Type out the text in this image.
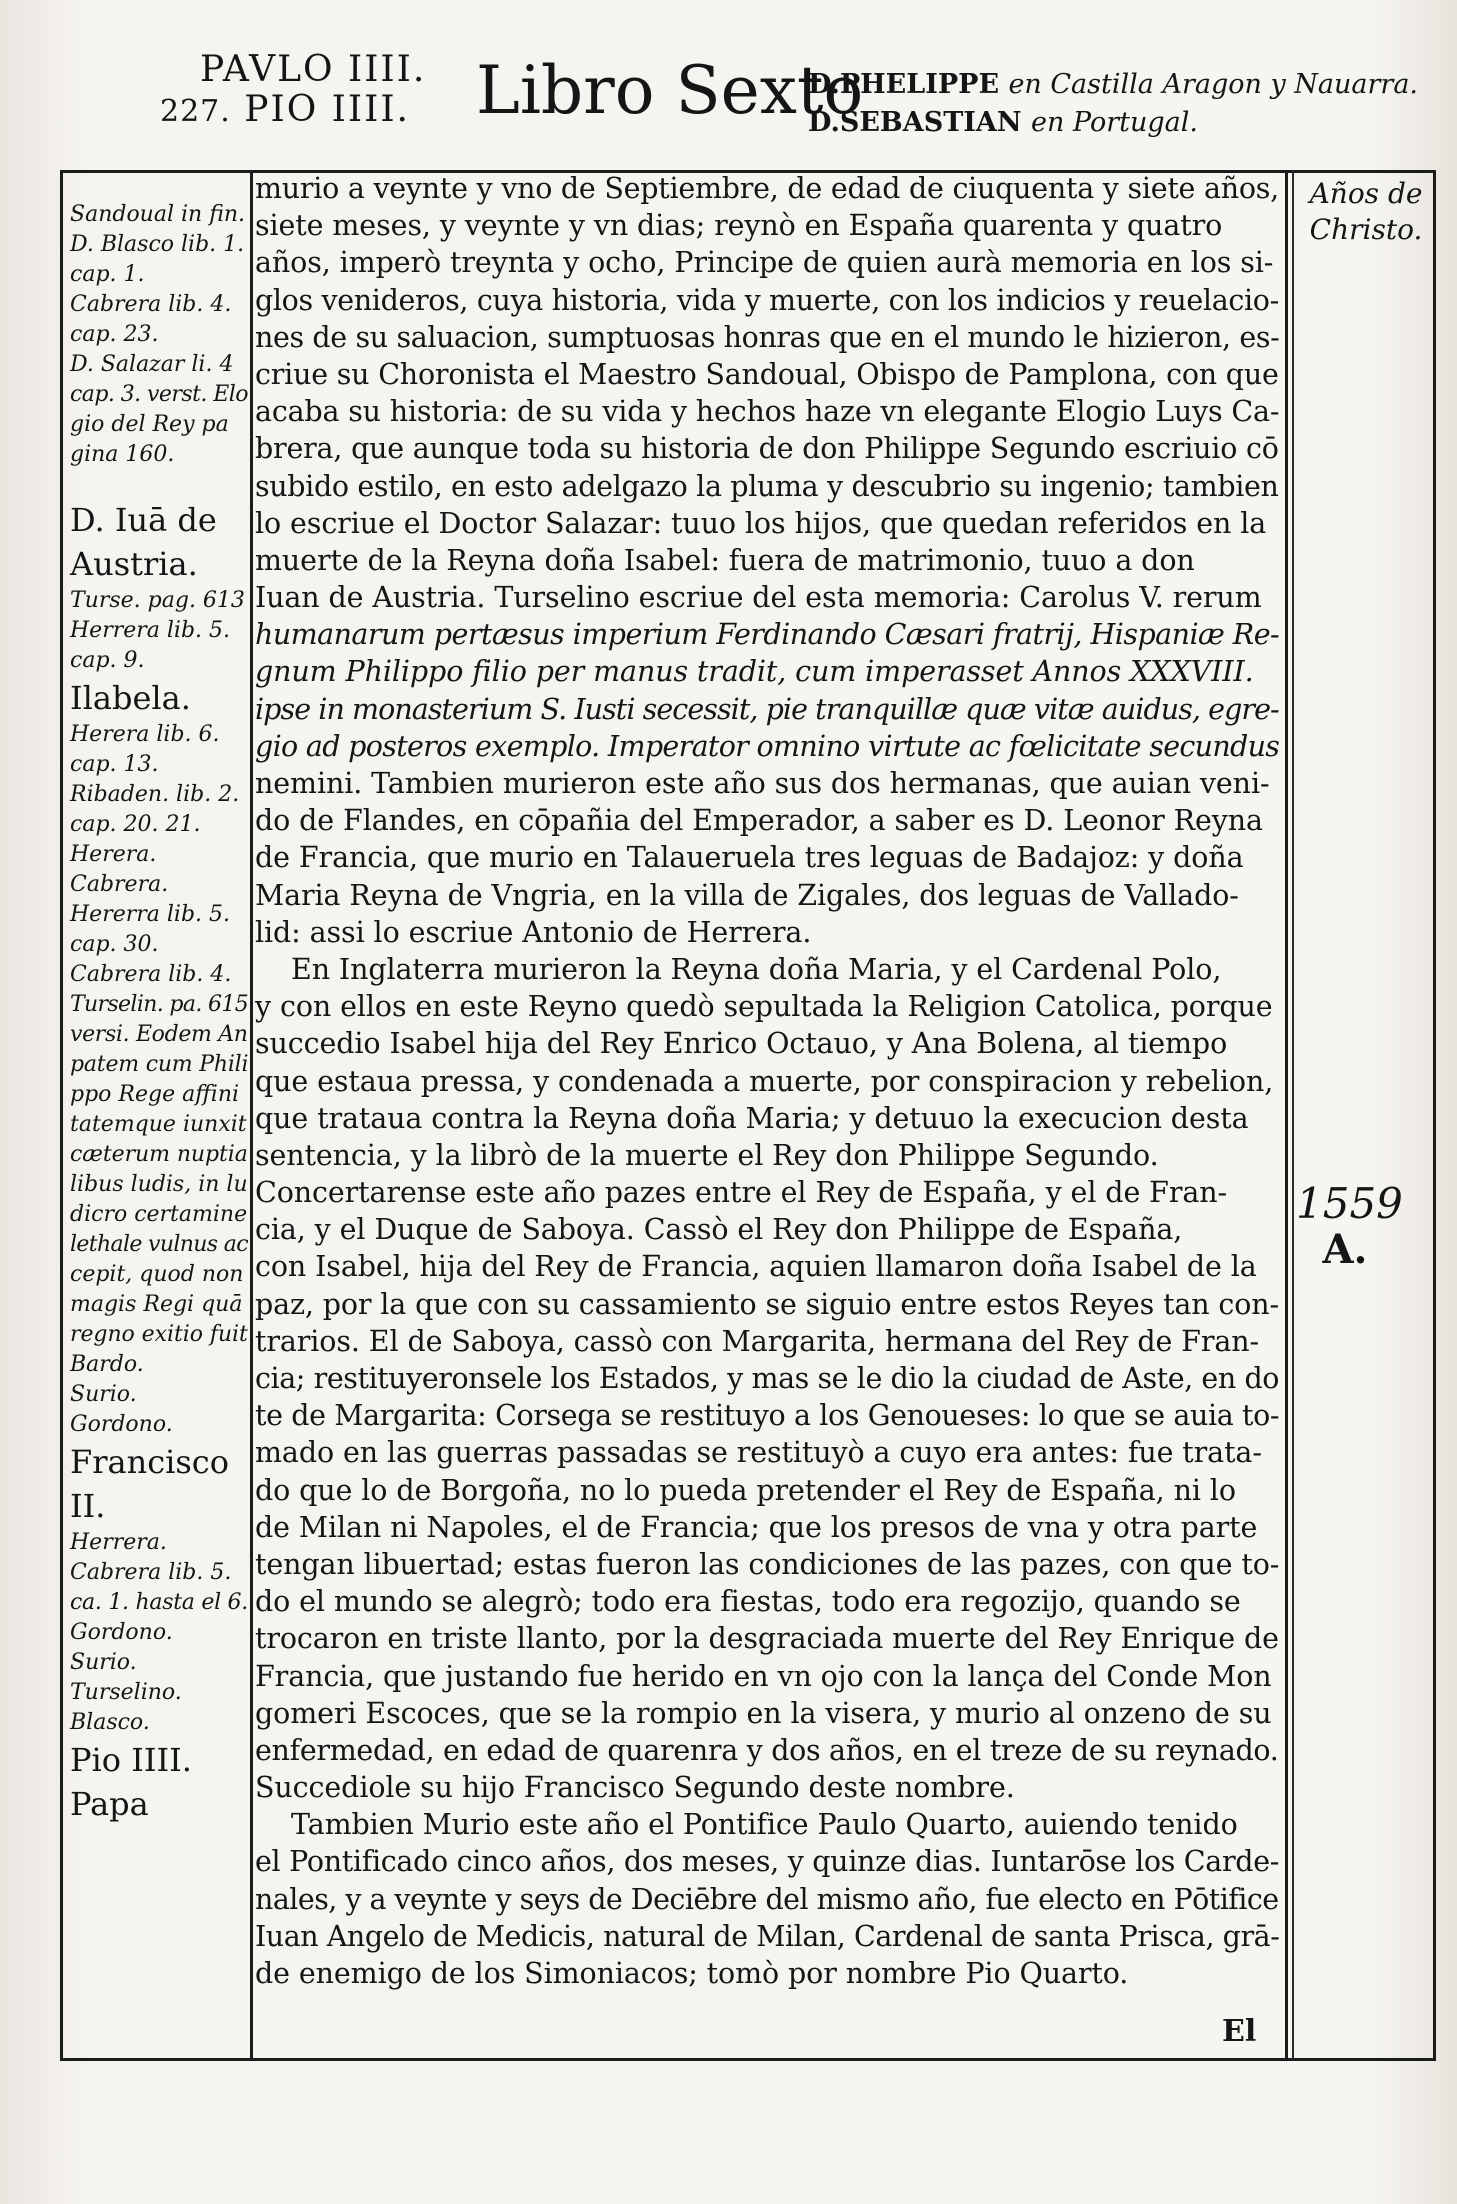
PAVLO IIII.
227. PIO IIII. Libro Sexto
D.PHELIPPE en Castilla Aragon y Nauarra.
D.SEBASTIAN en Portugal.
Años de
Christo.
1559
A.
Sandoual in fin.
D. Blasco lib. 1.
cap. 1.
Cabrera lib. 4.
cap. 23.
D. Salazar li. 4
cap. 3. verst. Elo
gio del Rey pa
gina 160.
D. Iuā de
Austria.
Turse. pag. 613
Herrera lib. 5.
cap. 9.
Ilabela.
Herera lib. 6.
cap. 13.
Ribaden. lib. 2.
cap. 20. 21.
Herera.
Cabrera.
Hererra lib. 5.
cap. 30.
Cabrera lib. 4.
Turselin. pa. 615
versi. Eodem An
patem cum Phili
ppo Rege affini
tatemque iunxit
cæterum nuptia
libus ludis, in lu
dicro certamine
lethale vulnus ac
cepit, quod non
magis Regi quā
regno exitio fuit
Bardo.
Surio.
Gordono.
Francisco
II.
Herrera.
Cabrera lib. 5.
ca. 1. hasta el 6.
Gordono.
Surio.
Turselino.
Blasco.
Pio IIII.
Papa
murio a veynte y vno de Septiembre, de edad de ciuquenta y siete años,
siete meses, y veynte y vn dias; reynò en España quarenta y quatro
años, imperò treynta y ocho, Principe de quien aurà memoria en los si-
glos venideros, cuya historia, vida y muerte, con los indicios y reuelacio-
nes de su saluacion, sumptuosas honras que en el mundo le hizieron, es-
criue su Choronista el Maestro Sandoual, Obispo de Pamplona, con que
acaba su historia: de su vida y hechos haze vn elegante Elogio Luys Ca-
brera, que aunque toda su historia de don Philippe Segundo escriuio cō
subido estilo, en esto adelgazo la pluma y descubrio su ingenio; tambien
lo escriue el Doctor Salazar: tuuo los hijos, que quedan referidos en la
muerte de la Reyna doña Isabel: fuera de matrimonio, tuuo a don
Iuan de Austria. Turselino escriue del esta memoria: Carolus V. rerum
humanarum pertæsus imperium Ferdinando Cæsari fratrij, Hispaniæ Re-
gnum Philippo filio per manus tradit, cum imperasset Annos XXXVIII.
ipse in monasterium S. Iusti secessit, pie tranquillæ quæ vitæ auidus, egre-
gio ad posteros exemplo. Imperator omnino virtute ac fœlicitate secundus
nemini. Tambien murieron este año sus dos hermanas, que auian veni-
do de Flandes, en cōpañia del Emperador, a saber es D. Leonor Reyna
de Francia, que murio en Talaueruela tres leguas de Badajoz: y doña
Maria Reyna de Vngria, en la villa de Zigales, dos leguas de Vallado-
lid: assi lo escriue Antonio de Herrera.
En Inglaterra murieron la Reyna doña Maria, y el Cardenal Polo,
y con ellos en este Reyno quedò sepultada la Religion Catolica, porque
succedio Isabel hija del Rey Enrico Octauo, y Ana Bolena, al tiempo
que estaua pressa, y condenada a muerte, por conspiracion y rebelion,
que trataua contra la Reyna doña Maria; y detuuo la execucion desta
sentencia, y la librò de la muerte el Rey don Philippe Segundo.
Concertarense este año pazes entre el Rey de España, y el de Fran-
cia, y el Duque de Saboya. Cassò el Rey don Philippe de España,
con Isabel, hija del Rey de Francia, aquien llamaron doña Isabel de la
paz, por la que con su cassamiento se siguio entre estos Reyes tan con-
trarios. El de Saboya, cassò con Margarita, hermana del Rey de Fran-
cia; restituyeronsele los Estados, y mas se le dio la ciudad de Aste, en do
te de Margarita: Corsega se restituyo a los Genoueses: lo que se auia to-
mado en las guerras passadas se restituyò a cuyo era antes: fue trata-
do que lo de Borgoña, no lo pueda pretender el Rey de España, ni lo
de Milan ni Napoles, el de Francia; que los presos de vna y otra parte
tengan libuertad; estas fueron las condiciones de las pazes, con que to-
do el mundo se alegrò; todo era fiestas, todo era regozijo, quando se
trocaron en triste llanto, por la desgraciada muerte del Rey Enrique de
Francia, que justando fue herido en vn ojo con la lança del Conde Mon
gomeri Escoces, que se la rompio en la visera, y murio al onzeno de su
enfermedad, en edad de quarenra y dos años, en el treze de su reynado.
Succediole su hijo Francisco Segundo deste nombre.
Tambien Murio este año el Pontifice Paulo Quarto, auiendo tenido
el Pontificado cinco años, dos meses, y quinze dias. Iuntarōse los Carde-
nales, y a veynte y seys de Deciēbre del mismo año, fue electo en Pōtifice
Iuan Angelo de Medicis, natural de Milan, Cardenal de santa Prisca, grā-
de enemigo de los Simoniacos; tomò por nombre Pio Quarto.
El
